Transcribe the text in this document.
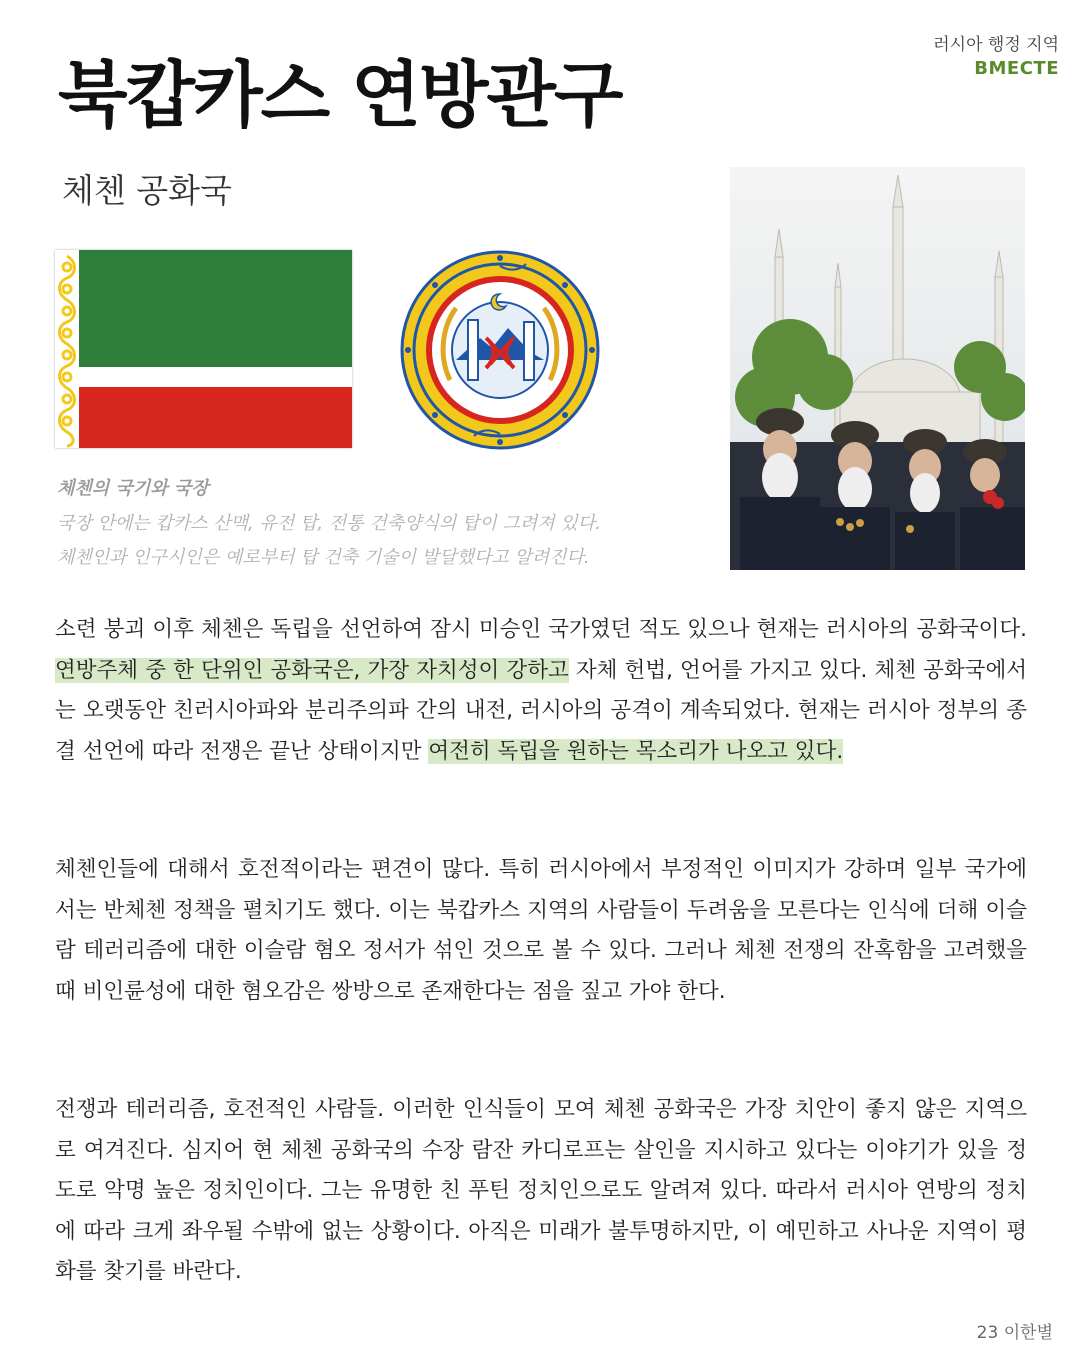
러시아 행정 지역
ВМЕСТЕ
북캅카스 연방관구
체첸 공화국
체첸의 국기와 국장
국장 안에는 캅카스 산맥, 유전 탑, 전통 건축양식의 탑이 그려져 있다.
체첸인과 인구시인은 예로부터 탑 건축 기술이 발달했다고 알려진다.

소련 붕괴 이후 체첸은 독립을 선언하여 잠시 미승인 국가였던 적도 있으나 현재는 러시아의 공화국이다. 연방주체 중 한 단위인 공화국은, 가장 자치성이 강하고 자체 헌법, 언어를 가지고 있다. 체첸 공화국에서는 오랫동안 친러시아파와 분리주의파 간의 내전, 러시아의 공격이 계속되었다. 현재는 러시아 정부의 종결 선언에 따라 전쟁은 끝난 상태이지만 여전히 독립을 원하는 목소리가 나오고 있다.

체첸인들에 대해서 호전적이라는 편견이 많다. 특히 러시아에서 부정적인 이미지가 강하며 일부 국가에서는 반체첸 정책을 펼치기도 했다. 이는 북캅카스 지역의 사람들이 두려움을 모른다는 인식에 더해 이슬람 테러리즘에 대한 이슬람 혐오 정서가 섞인 것으로 볼 수 있다. 그러나 체첸 전쟁의 잔혹함을 고려했을 때 비인륜성에 대한 혐오감은 쌍방으로 존재한다는 점을 짚고 가야 한다.

전쟁과 테러리즘, 호전적인 사람들. 이러한 인식들이 모여 체첸 공화국은 가장 치안이 좋지 않은 지역으로 여겨진다. 심지어 현 체첸 공화국의 수장 람잔 카디로프는 살인을 지시하고 있다는 이야기가 있을 정도로 악명 높은 정치인이다. 그는 유명한 친 푸틴 정치인으로도 알려져 있다. 따라서 러시아 연방의 정치에 따라 크게 좌우될 수밖에 없는 상황이다. 아직은 미래가 불투명하지만, 이 예민하고 사나운 지역이 평화를 찾기를 바란다.

23 이한별
